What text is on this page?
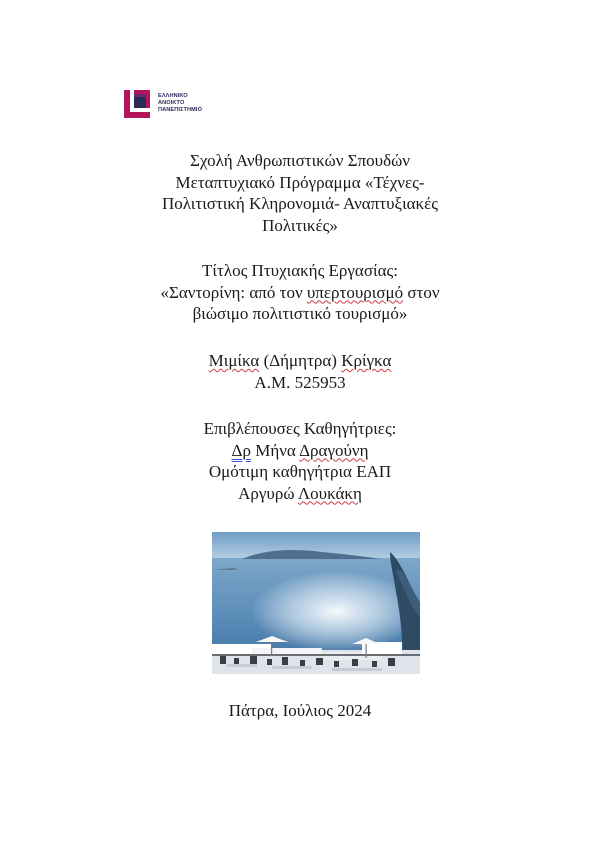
ΕΛΛΗΝΙΚΟ
ΑΝΟΙΚΤΟ
ΠΑΝΕΠΙΣΤΗΜΙΟ
Σχολή Ανθρωπιστικών Σπουδών
Μεταπτυχιακό Πρόγραμμα «Τέχνες-
Πολιτιστική Κληρονομιά- Αναπτυξιακές
Πολιτικές»
Τίτλος Πτυχιακής Εργασίας:
«Σαντορίνη: από τον υπερτουρισμό στον
βιώσιμο πολιτιστικό τουρισμό»
Μιμίκα (Δήμητρα) Κρίγκα
Α.Μ. 525953
Επιβλέπουσες Καθηγήτριες:
Δρ Μήνα Δραγούνη
Ομότιμη καθηγήτρια ΕΑΠ
Αργυρώ Λουκάκη
Πάτρα, Ιούλιος 2024
